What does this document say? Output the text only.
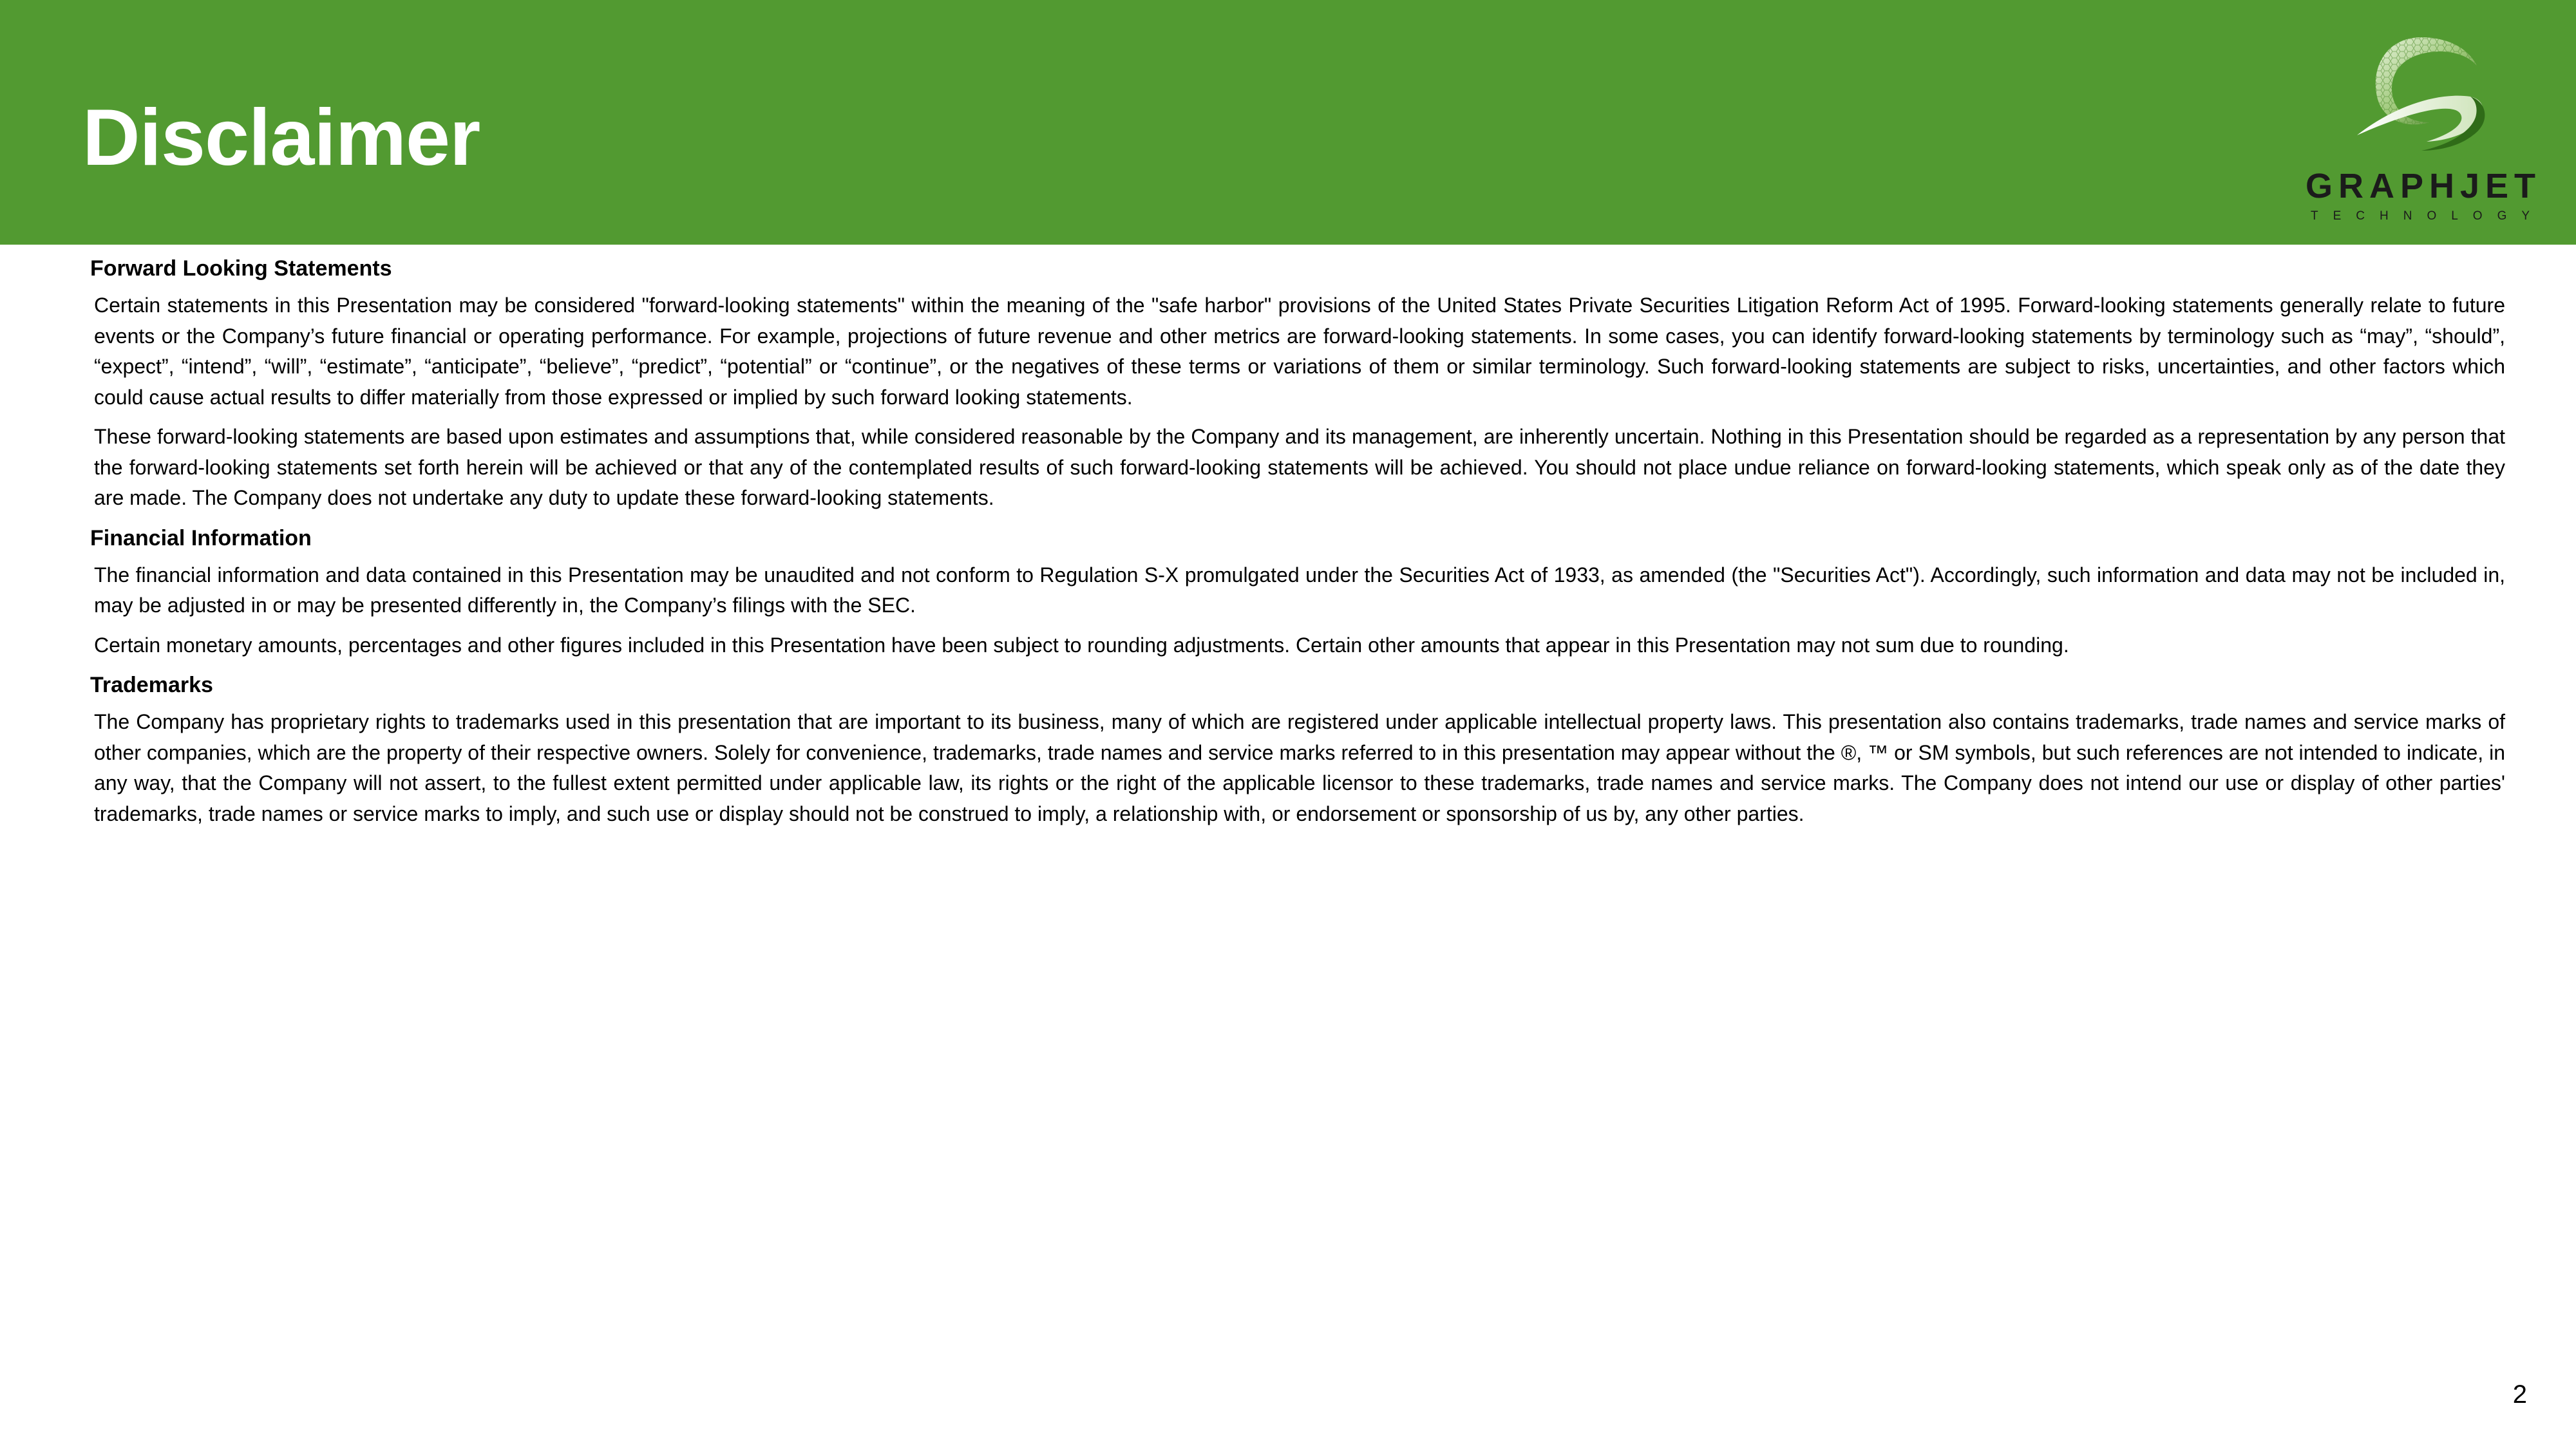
Disclaimer
GRAPHJET
TECHNOLOGY
Forward Looking Statements

Certain statements in this Presentation may be considered "forward-looking statements" within the meaning of the "safe harbor" provisions of the United States Private Securities Litigation Reform Act of 1995. Forward-looking statements generally relate to future events or the Company’s future financial or operating performance. For example, projections of future revenue and other metrics are forward-looking statements. In some cases, you can identify forward-looking statements by terminology such as “may”, “should”, “expect”, “intend”, “will”, “estimate”, “anticipate”, “believe”, “predict”, “potential” or “continue”, or the negatives of these terms or variations of them or similar terminology. Such forward-looking statements are subject to risks, uncertainties, and other factors which could cause actual results to differ materially from those expressed or implied by such forward looking statements.

These forward-looking statements are based upon estimates and assumptions that, while considered reasonable by the Company and its management, are inherently uncertain. Nothing in this Presentation should be regarded as a representation by any person that the forward-looking statements set forth herein will be achieved or that any of the contemplated results of such forward-looking statements will be achieved. You should not place undue reliance on forward-looking statements, which speak only as of the date they are made. The Company does not undertake any duty to update these forward-looking statements.

Financial Information

The financial information and data contained in this Presentation may be unaudited and not conform to Regulation S-X promulgated under the Securities Act of 1933, as amended (the "Securities Act"). Accordingly, such information and data may not be included in, may be adjusted in or may be presented differently in, the Company’s filings with the SEC.

Certain monetary amounts, percentages and other figures included in this Presentation have been subject to rounding adjustments. Certain other amounts that appear in this Presentation may not sum due to rounding.

Trademarks

The Company has proprietary rights to trademarks used in this presentation that are important to its business, many of which are registered under applicable intellectual property laws. This presentation also contains trademarks, trade names and service marks of other companies, which are the property of their respective owners. Solely for convenience, trademarks, trade names and service marks referred to in this presentation may appear without the ®, ™ or SM symbols, but such references are not intended to indicate, in any way, that the Company will not assert, to the fullest extent permitted under applicable law, its rights or the right of the applicable licensor to these trademarks, trade names and service marks. The Company does not intend our use or display of other parties' trademarks, trade names or service marks to imply, and such use or display should not be construed to imply, a relationship with, or endorsement or sponsorship of us by, any other parties.

2
